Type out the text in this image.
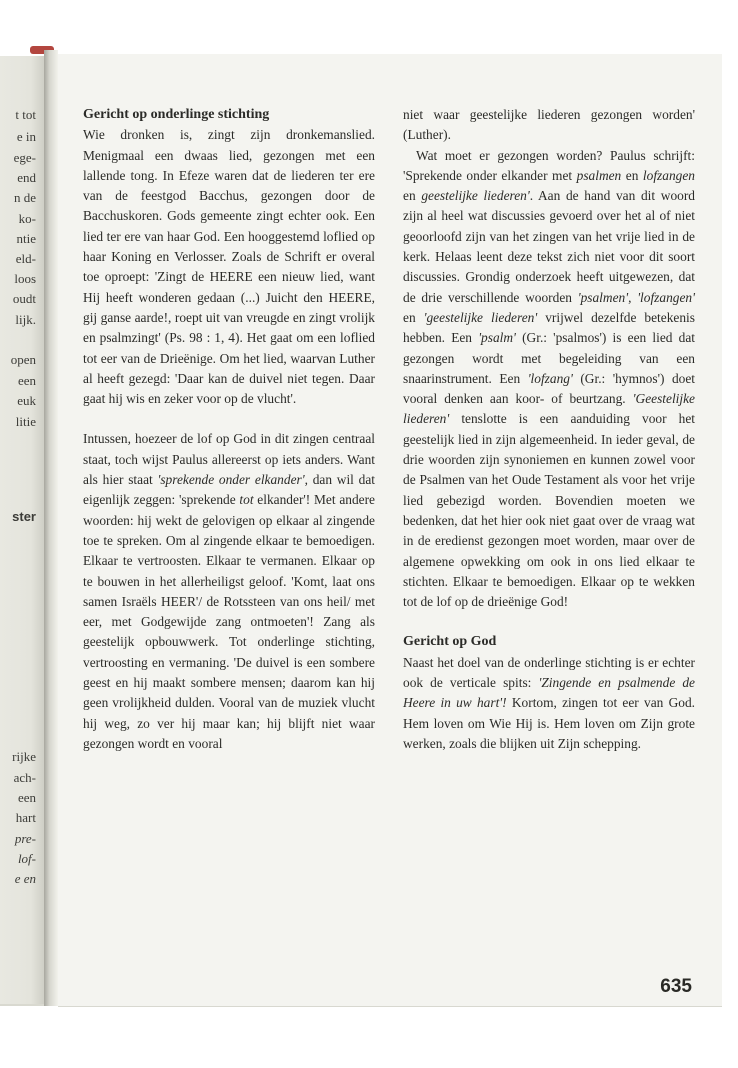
t tot
e in
ege-
end
n de
ko-
ntie
eld-
loos
oudt
lijk.
open
een
euk
litie
ster
rijke
ach-
een
hart
pre-
lof-
e en
Gericht op onderlinge stichting

Wie dronken is, zingt zijn dronkemanslied. Menigmaal een dwaas lied, gezongen met een lallende tong. In Efeze waren dat de liederen ter ere van de feestgod Bacchus, gezongen door de Bacchuskoren. Gods gemeente zingt echter ook. Een lied ter ere van haar God. Een hooggestemd loflied op haar Koning en Verlosser. Zoals de Schrift er overal toe oproept: 'Zingt de HEERE een nieuw lied, want Hij heeft wonderen gedaan (...) Juicht den HEERE, gij ganse aarde!, roept uit van vreugde en zingt vrolijk en psalmzingt' (Ps. 98 : 1, 4). Het gaat om een loflied tot eer van de Drieënige. Om het lied, waarvan Luther al heeft gezegd: 'Daar kan de duivel niet tegen. Daar gaat hij wis en zeker voor op de vlucht'.

Intussen, hoezeer de lof op God in dit zingen centraal staat, toch wijst Paulus allereerst op iets anders. Want als hier staat 'sprekende onder elkander', dan wil dat eigenlijk zeggen: 'sprekende tot elkander'! Met andere woorden: hij wekt de gelovigen op elkaar al zingende toe te spreken. Om al zingende elkaar te bemoedigen. Elkaar te vertroosten. Elkaar te vermanen. Elkaar op te bouwen in het allerheiligst geloof. 'Komt, laat ons samen Israëls HEER'/ de Rotssteen van ons heil/ met eer, met Godgewijde zang ontmoeten'! Zang als geestelijk opbouwwerk. Tot onderlinge stichting, vertroosting en vermaning. 'De duivel is een sombere geest en hij maakt sombere mensen; daarom kan hij geen vrolijkheid dulden. Vooral van de muziek vlucht hij weg, zo ver hij maar kan; hij blijft niet waar gezongen wordt en vooral

niet waar geestelijke liederen gezongen worden' (Luther).

Wat moet er gezongen worden? Paulus schrijft: 'Sprekende onder elkander met psalmen en lofzangen en geestelijke liederen'. Aan de hand van dit woord zijn al heel wat discussies gevoerd over het al of niet geoorloofd zijn van het zingen van het vrije lied in de kerk. Helaas leent deze tekst zich niet voor dit soort discussies. Grondig onderzoek heeft uitgewezen, dat de drie verschillende woorden 'psalmen', 'lofzangen' en 'geestelijke liederen' vrijwel dezelfde betekenis hebben. Een 'psalm' (Gr.: 'psalmos') is een lied dat gezongen wordt met begeleiding van een snaarinstrument. Een 'lofzang' (Gr.: 'hymnos') doet vooral denken aan koor- of beurtzang. 'Geestelijke liederen' tenslotte is een aanduiding voor het geestelijk lied in zijn algemeenheid. In ieder geval, de drie woorden zijn synoniemen en kunnen zowel voor de Psalmen van het Oude Testament als voor het vrije lied gebezigd worden. Bovendien moeten we bedenken, dat het hier ook niet gaat over de vraag wat in de eredienst gezongen moet worden, maar over de algemene opwekking om ook in ons lied elkaar te stichten. Elkaar te bemoedigen. Elkaar op te wekken tot de lof op de drieënige God!

Gericht op God

Naast het doel van de onderlinge stichting is er echter ook de verticale spits: 'Zingende en psalmende de Heere in uw hart'! Kortom, zingen tot eer van God. Hem loven om Wie Hij is. Hem loven om Zijn grote werken, zoals die blijken uit Zijn schepping.

635
